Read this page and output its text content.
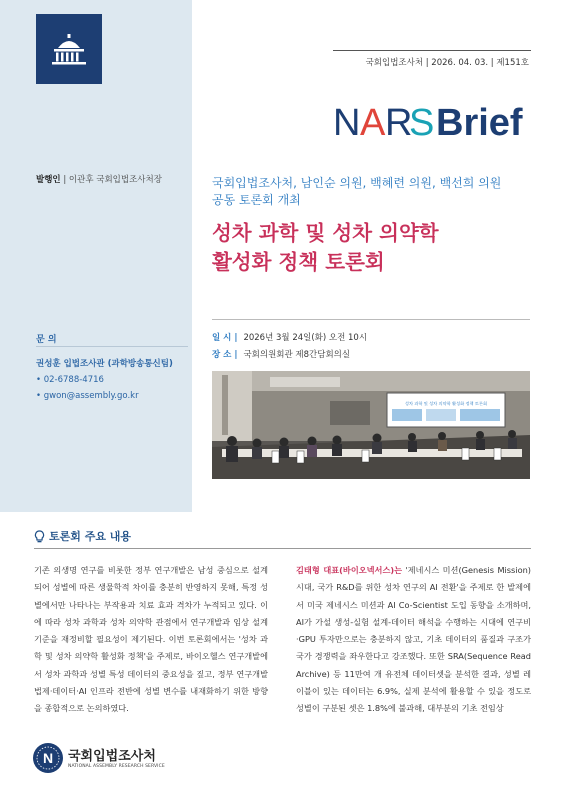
발행인 | 이관후 국회입법조사처장
문 의
권성훈 입법조사관 (과학방송통신팀)
• 02-6788-4716
• gwon@assembly.go.kr
국회입법조사처 | 2026. 04. 03. | 제151호
N A R
S Brief
국회입법조사처, 남인순 의원, 백혜련 의원, 백선희 의원
공동 토론회 개최
성차 과학 및 성차 의약학
활성화 정책 토론회
일 시 | 2026년 3월 24일(화) 오전 10시
장 소 | 국회의원회관 제8간담회의실
성차 과학 및 성차 의약학 활성화 정책 토론회
토론회 주요 내용
기존 의생명 연구를 비롯한 정부 연구개발은 남성 중심으로 설계되어 성별에 따른 생물학적 차이를 충분히 반영하지 못해, 특정 성별에서만 나타나는 부작용과 치료 효과 격차가 누적되고 있다. 이에 따라 성차 과학과 성차 의약학 관점에서 연구개발과 임상 설계 기준을 재정비할 필요성이 제기된다. 이번 토론회에서는 '성차 과학 및 성차 의약학 활성화 정책'을 주제로, 바이오헬스 연구개발에서 성차 과학과 성별 특성 데이터의 중요성을 짚고, 정부 연구개발 법제·데이터·AI 인프라 전반에 성별 변수를 내재화하기 위한 방향을 종합적으로 논의하였다.
김태형 대표(바이오넥서스)는 '제네시스 미션(Genesis Mission) 시대, 국가 R&D를 위한 성차 연구의 AI 전환'을 주제로 한 발제에서 미국 제네시스 미션과 AI Co-Scientist 도입 동향을 소개하며, AI가 가설 생성-실험 설계-데이터 해석을 수행하는 시대에 연구비·GPU 투자만으로는 충분하지 않고, 기초 데이터의 품질과 구조가 국가 경쟁력을 좌우한다고 강조했다. 또한 SRA(Sequence Read Archive) 등 11만여 개 유전체 데이터셋을 분석한 결과, 성별 레이블이 있는 데이터는 6.9%, 실제 분석에 활용할 수 있을 정도로 성별이 구분된 셋은 1.8%에 불과해, 대부분의 기초 전임상
N 국회입법조사처
NATIONAL ASSEMBLY RESEARCH SERVICE
